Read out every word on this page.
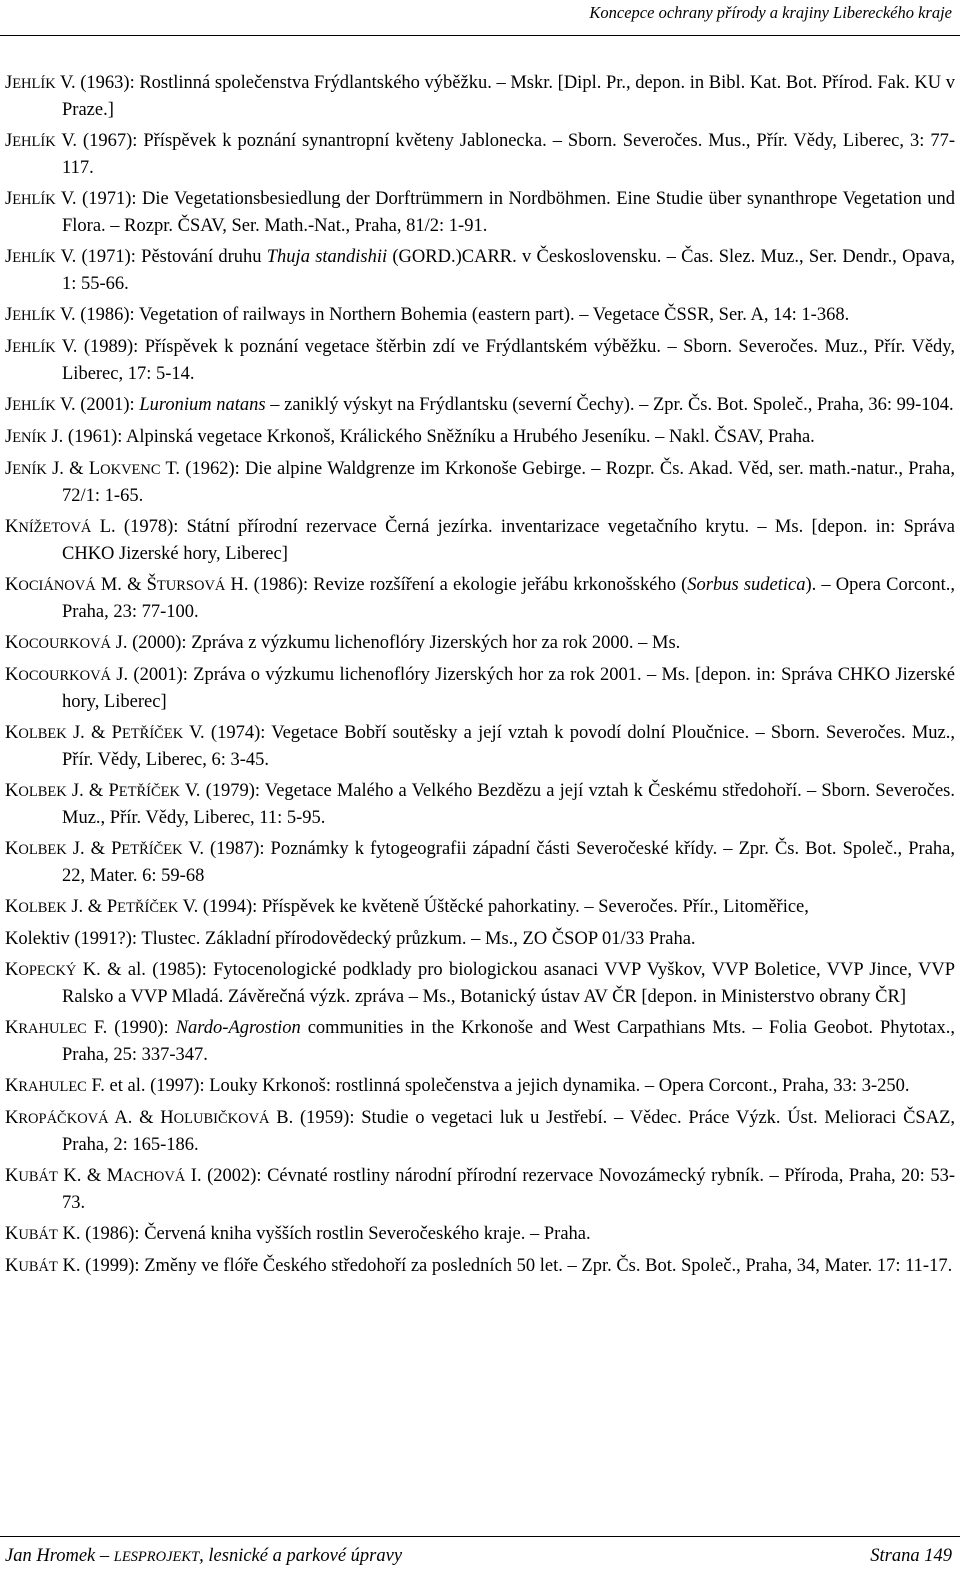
Koncepce ochrany přírody a krajiny Libereckého kraje
JEHLÍK V. (1963): Rostlinná společenstva Frýdlantského výběžku. – Mskr. [Dipl. Pr., depon. in Bibl. Kat. Bot. Přírod. Fak. KU v Praze.]
JEHLÍK V. (1967): Příspěvek k poznání synantropní květeny Jablonecka. – Sborn. Severočes. Mus., Přír. Vědy, Liberec, 3: 77-117.
JEHLÍK V. (1971): Die Vegetationsbesiedlung der Dorftrümmern in Nordböhmen. Eine Studie über synanthrope Vegetation und Flora. – Rozpr. ČSAV, Ser. Math.-Nat., Praha, 81/2: 1-91.
JEHLÍK V. (1971): Pěstování druhu Thuja standishii (GORD.)CARR. v Československu. – Čas. Slez. Muz., Ser. Dendr., Opava, 1: 55-66.
JEHLÍK V. (1986): Vegetation of railways in Northern Bohemia (eastern part). – Vegetace ČSSR, Ser. A, 14: 1-368.
JEHLÍK V. (1989): Příspěvek k poznání vegetace štěrbin zdí ve Frýdlantském výběžku. – Sborn. Severočes. Muz., Přír. Vědy, Liberec, 17: 5-14.
JEHLÍK V. (2001): Luronium natans – zaniklý výskyt na Frýdlantsku (severní Čechy). – Zpr. Čs. Bot. Společ., Praha, 36: 99-104.
JENÍK J. (1961): Alpinská vegetace Krkonoš, Králického Sněžníku a Hrubého Jeseníku. – Nakl. ČSAV, Praha.
JENÍK J. & LOKVENC T. (1962): Die alpine Waldgrenze im Krkonoše Gebirge. – Rozpr. Čs. Akad. Věd, ser. math.-natur., Praha, 72/1: 1-65.
KNÍŽETOVÁ L. (1978): Státní přírodní rezervace Černá jezírka. inventarizace vegetačního krytu. – Ms. [depon. in: Správa CHKO Jizerské hory, Liberec]
KOCIÁNOVÁ M. & ŠTURSOVÁ H. (1986): Revize rozšíření a ekologie jeřábu krkonošského (Sorbus sudetica). – Opera Corcont., Praha, 23: 77-100.
KOCOURKOVÁ J. (2000): Zpráva z výzkumu lichenoflóry Jizerských hor za rok 2000. – Ms.
KOCOURKOVÁ J. (2001): Zpráva o výzkumu lichenoflóry Jizerských hor za rok 2001. – Ms. [depon. in: Správa CHKO Jizerské hory, Liberec]
KOLBEK J. & PETŘÍČEK V. (1974): Vegetace Bobří soutěsky a její vztah k povodí dolní Ploučnice. – Sborn. Severočes. Muz., Přír. Vědy, Liberec, 6: 3-45.
KOLBEK J. & PETŘÍČEK V. (1979): Vegetace Malého a Velkého Bezdězu a její vztah k Českému středohoří. – Sborn. Severočes. Muz., Přír. Vědy, Liberec, 11: 5-95.
KOLBEK J. & PETŘÍČEK V. (1987): Poznámky k fytogeografii západní části Severočeské křídy. – Zpr. Čs. Bot. Společ., Praha, 22, Mater. 6: 59-68
KOLBEK J. & PETŘÍČEK V. (1994): Příspěvek ke květeně Úštěcké pahorkatiny. – Severočes. Přír., Litoměřice,
Kolektiv (1991?): Tlustec. Základní přírodovědecký průzkum. – Ms., ZO ČSOP 01/33 Praha.
KOPECKÝ K. & al. (1985): Fytocenologické podklady pro biologickou asanaci VVP Vyškov, VVP Boletice, VVP Jince, VVP Ralsko a VVP Mladá. Závěrečná výzk. zpráva – Ms., Botanický ústav AV ČR [depon. in Ministerstvo obrany ČR]
KRAHULEC F. (1990): Nardo-Agrostion communities in the Krkonoše and West Carpathians Mts. – Folia Geobot. Phytotax., Praha, 25: 337-347.
KRAHULEC F. et al. (1997): Louky Krkonoš: rostlinná společenstva a jejich dynamika. – Opera Corcont., Praha, 33: 3-250.
KROPÁČKOVÁ A. & HOLUBIČKOVÁ B. (1959): Studie o vegetaci luk u Jestřebí. – Vědec. Práce Výzk. Úst. Melioraci ČSAZ, Praha, 2: 165-186.
KUBÁT K. & MACHOVÁ I. (2002): Cévnaté rostliny národní přírodní rezervace Novozámecký rybník. – Příroda, Praha, 20: 53-73.
KUBÁT K. (1986): Červená kniha vyšších rostlin Severočeského kraje. – Praha.
KUBÁT K. (1999): Změny ve flóře Českého středohoří za posledních 50 let. – Zpr. Čs. Bot. Společ., Praha, 34, Mater. 17: 11-17.
Jan Hromek – LESPROJEKT, lesnické a parkové úpravy	Strana 149
